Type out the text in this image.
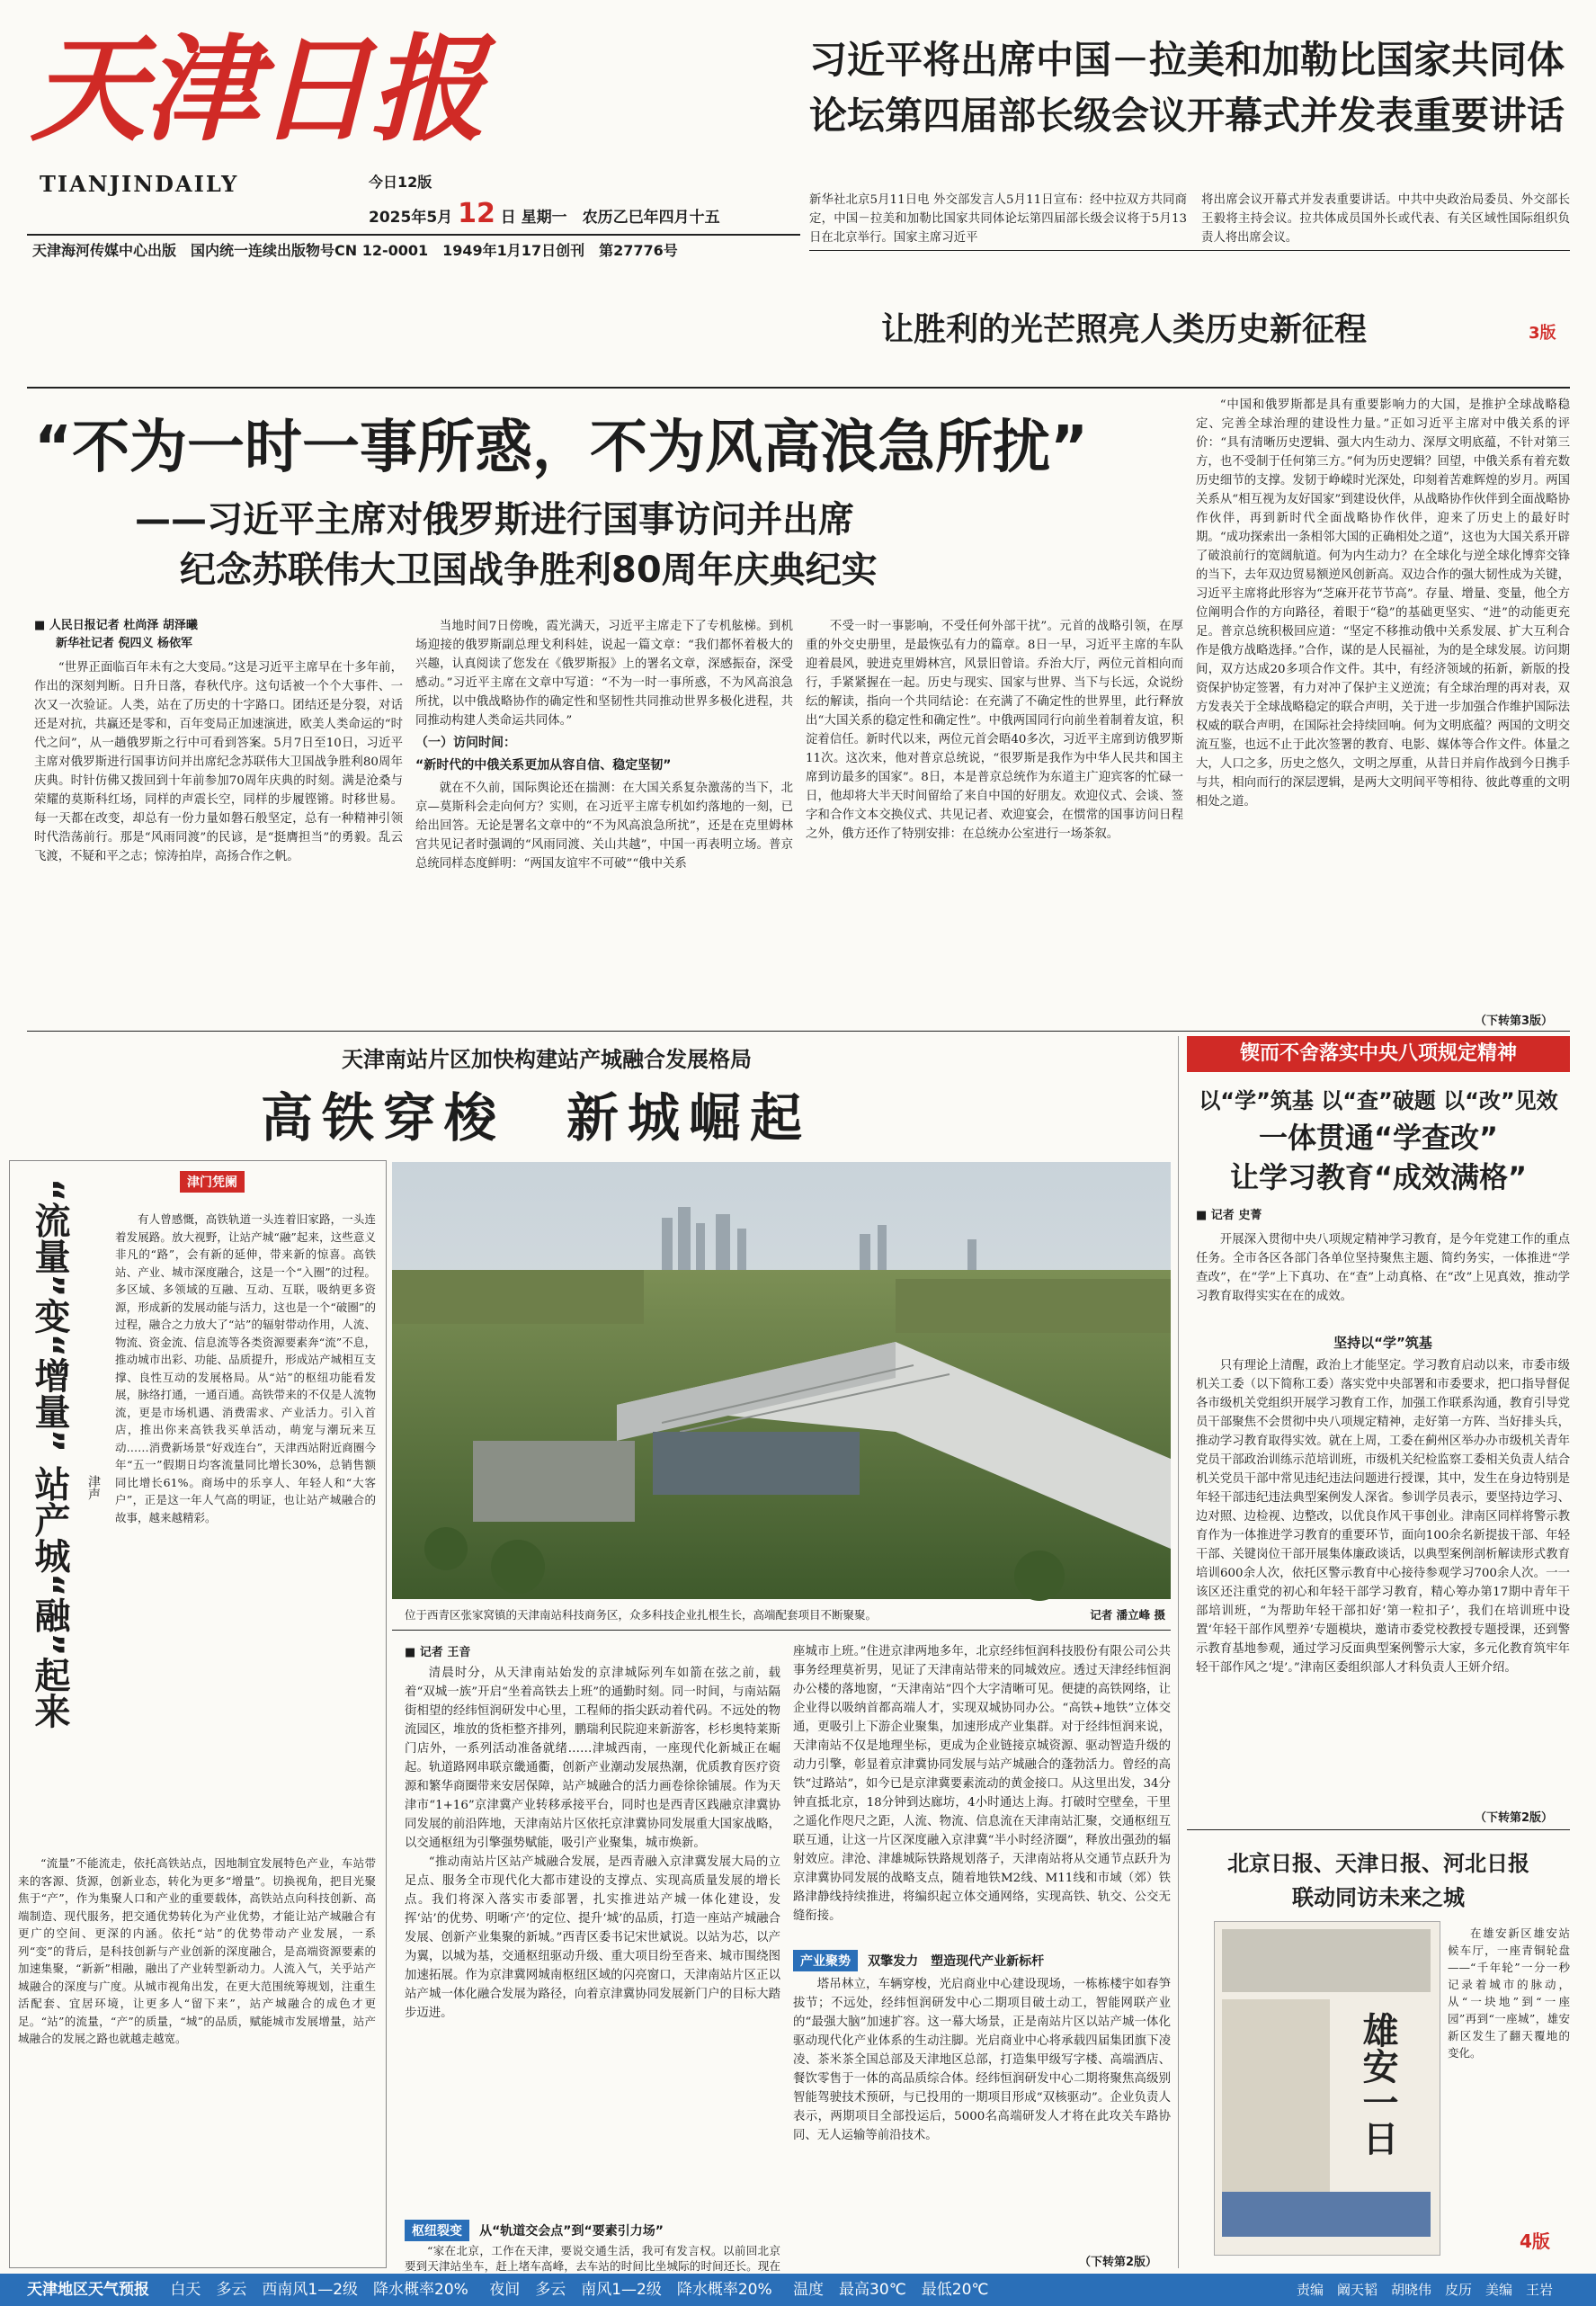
天津日报
TIANJINDAILY	今日12版
2025年5月 12 日 星期一　农历乙巳年四月十五
天津海河传媒中心出版　国内统一连续出版物号CN 12-0001　1949年1月17日创刊　第27776号
习近平将出席中国－拉美和加勒比国家共同体
论坛第四届部长级会议开幕式并发表重要讲话

新华社北京5月11日电 外交部发言人5月11日宣布：经中拉双方共同商定，中国－拉美和加勒比国家共同体论坛第四届部长级会议将于5月13日在北京举行。国家主席习近平

将出席会议开幕式并发表重要讲话。中共中央政治局委员、外交部长王毅将主持会议。拉共体成员国外长或代表、有关区域性国际组织负责人将出席会议。

让胜利的光芒照亮人类历史新征程	3版
“不为一时一事所惑，不为风高浪急所扰”
——习近平主席对俄罗斯进行国事访问并出席
纪念苏联伟大卫国战争胜利80周年庆典纪实
■ 人民日报记者 杜尚泽 胡泽曦
新华社记者 倪四义 杨依军

“世界正面临百年未有之大变局。”这是习近平主席早在十多年前，作出的深刻判断。日升日落，春秋代序。这句话被一个个大事件、一次又一次验证。人类，站在了历史的十字路口。团结还是分裂，对话还是对抗，共赢还是零和，百年变局正加速演进，欧美人类命运的“时代之问”，从一趟俄罗斯之行中可看到答案。5月7日至10日，习近平主席对俄罗斯进行国事访问并出席纪念苏联伟大卫国战争胜利80周年庆典。时针仿佛又拨回到十年前参加70周年庆典的时刻。满是沧桑与荣耀的莫斯科红场，同样的声震长空，同样的步履铿锵。时移世易。每一天都在改变，却总有一份力量如磐石般坚定，总有一种精神引领时代浩荡前行。那是“风雨同渡”的民谚，是“挺膺担当”的勇毅。乱云飞渡，不疑和平之志；惊涛拍岸，高扬合作之帆。

当地时间7日傍晚，霞光满天，习近平主席走下了专机舷梯。到机场迎接的俄罗斯副总理戈利科娃，说起一篇文章：“我们都怀着极大的兴趣，认真阅读了您发在《俄罗斯报》上的署名文章，深感振奋，深受感动。”习近平主席在文章中写道：“不为一时一事所惑，不为风高浪急所扰，以中俄战略协作的确定性和坚韧性共同推动世界多极化进程，共同推动构建人类命运共同体。”

（一）访问时间：
“新时代的中俄关系更加从容自信、稳定坚韧”

就在不久前，国际舆论还在揣测：在大国关系复杂激荡的当下，北京—莫斯科会走向何方？实则，在习近平主席专机如约落地的一刻，已给出回答。无论是署名文章中的“不为风高浪急所扰”，还是在克里姆林宫共见记者时强调的“风雨同渡、关山共越”，中国一再表明立场。普京总统同样态度鲜明：“两国友谊牢不可破”“俄中关系

不受一时一事影响，不受任何外部干扰”。元首的战略引领，在厚重的外交史册里，是最恢弘有力的篇章。8日一早，习近平主席的车队迎着晨风，驶进克里姆林宫，风景旧曾谙。乔治大厅，两位元首相向而行，手紧紧握在一起。历史与现实、国家与世界、当下与长远，众说纷纭的解读，指向一个共同结论：在充满了不确定性的世界里，此行释放出“大国关系的稳定性和确定性”。中俄两国同行向前坐着制着友谊，积淀着信任。新时代以来，两位元首会晤40多次，习近平主席到访俄罗斯11次。这次来，他对普京总统说，“很罗斯是我作为中华人民共和国主席到访最多的国家”。8日，本是普京总统作为东道主广迎宾客的忙碌一日，他却将大半天时间留给了来自中国的好朋友。欢迎仪式、会谈、签字和合作文本交换仪式、共见记者、欢迎宴会，在惯常的国事访问日程之外，俄方还作了特别安排：在总统办公室进行一场茶叙。

“中国和俄罗斯都是具有重要影响力的大国，是推护全球战略稳定、完善全球治理的建设性力量。”正如习近平主席对中俄关系的评价：“具有清晰历史逻辑、强大内生动力、深厚文明底蕴，不针对第三方，也不受制于任何第三方。”何为历史逻辑？回望，中俄关系有着充数历史细节的支撑。发韧于峥嵘时光深处，印刻着苦难辉煌的岁月。两国关系从“相互视为友好国家”到建设伙伴，从战略协作伙伴到全面战略协作伙伴，再到新时代全面战略协作伙伴，迎来了历史上的最好时期。“成功探索出一条相邻大国的正确相处之道”，这也为大国关系开辟了破浪前行的宽阔航道。何为内生动力？在全球化与逆全球化博弈交锋的当下，去年双边贸易额逆风创新高。双边合作的强大韧性成为关键，习近平主席将此形容为“芝麻开花节节高”。存量、增量、变量，他仝方位阐明合作的方向路径，着眼于“稳”的基础更坚实、“进”的动能更充足。普京总统积极回应道：“坚定不移推动俄中关系发展、扩大互利合作是俄方战略选择。”合作，谋的是人民福祉，为的是全球发展。访问期间，双方达成20多项合作文件。其中，有经济领域的拓新，新版的投资保护协定签署，有力对冲了保护主义逆流；有全球治理的再对表，双方发表关于全球战略稳定的联合声明，关于进一步加强合作维护国际法权威的联合声明，在国际社会持续回响。何为文明底蕴？两国的文明交流互鉴，也远不止于此次签署的教育、电影、媒体等合作文件。体量之大，人口之多，历史之悠久，文明之厚重，从昔日并肩作战到今日携手与共，相向而行的深层逻辑，是两大文明间平等相待、彼此尊重的文明相处之道。

（下转第3版）
天津南站片区加快构建站产城融合发展格局
高铁穿梭　新城崛起
津门凭阑
“流量”变“增量” 站产城“融”起来 津声

有人曾感慨，高铁轨道一头连着旧家路，一头连着发展路。放大视野，让站产城“融”起来，这些意义非凡的“路”，会有新的延伸，带来新的惊喜。高铁站、产业、城市深度融合，这是一个“入圈”的过程。多区域、多领域的互融、互动、互联，吸纳更多资源，形成新的发展动能与活力，这也是一个“破圈”的过程，融合之力放大了“站”的辐射带动作用，人流、物流、资金流、信息流等各类资源要素奔“流”不息，推动城市出彩、功能、品质提升，形成站产城相互支撑、良性互动的发展格局。从“站”的枢纽功能看发展，脉络打通，一通百通。高铁带来的不仅是人流物流，更是市场机遇、消费需求、产业活力。引入首店，推出你来高铁我买单活动，萌宠与潮玩来互动……消费新场景“好戏连台”，天津西站附近商圈今年“五一”假期日均客流量同比增长30%，总销售额同比增长61%。商场中的乐享人、年轻人和“大客户”，正是这一年人气高的明证，也让站产城融合的故事，越来越精彩。

“流量”不能流走，依托高铁站点，因地制宜发展特色产业，车站带来的客源、货源，创新业态，转化为更多“增量”。切换视角，把目光聚焦于“产”，作为集聚人口和产业的重要载体，高铁站点向科技创新、高端制造、现代服务，把交通优势转化为产业优势，才能让站产城融合有更广的空间、更深的内涵。依托“站”的优势带动产业发展，一系列“变”的背后，是科技创新与产业创新的深度融合，是高端资源要素的加速集聚，“新新”相融，融出了产业转型新动力。人流入气，关乎站产城融合的深度与广度。从城市视角出发，在更大范围统筹规划，注重生活配套、宜居环境，让更多人“留下来”，站产城融合的成色才更足。“站”的流量，“产”的质量，“城”的品质，赋能城市发展增量，站产城融合的发展之路也就越走越宽。

位于西青区张家窝镇的天津南站科技商务区，众多科技企业扎根生长，高端配套项目不断聚聚。	记者 潘立峰 摄
■ 记者 王音

清晨时分，从天津南站始发的京津城际列车如箭在弦之前，载着“双城一族”开启“坐着高铁去上班”的通勤时刻。同一时间，与南站隔街相望的经纬恒润研发中心里，工程师的指尖跃动着代码。不远处的物流园区，堆放的货柜整齐排列，鹏瑞利民院迎来新游客，杉杉奥特莱斯门店外，一系列活动准备就绪……津城西南，一座现代化新城正在崛起。轨道路网串联京畿通衢，创新产业潮动发展热潮，优质教育医疗资源和繁华商圈带来安居保障，站产城融合的活力画卷徐徐铺展。作为天津市“1+16”京津冀产业转移承接平台，同时也是西青区践融京津冀协同发展的前沿阵地，天津南站片区依托京津冀协同发展重大国家战略，以交通枢纽为引擎强势赋能，吸引产业聚集，城市焕新。

“推动南站片区站产城融合发展，是西青融入京津冀发展大局的立足点、服务全市现代化大都市建设的支撑点、实现高质量发展的增长点。我们将深入落实市委部署，扎实推进站产城一体化建设，发挥‘站’的优势、明晰‘产’的定位、提升‘城’的品质，打造一座站产城融合发展、创新产业集聚的新城。”西青区委书记宋世斌说。以站为芯，以产为翼，以城为基，交通枢纽驱动升级、重大项目纷至沓来、城市围绕图加速拓展。作为京津冀网城南枢纽区域的闪亮窗口，天津南站片区正以站产城一体化融合发展为路径，向着京津冀协同发展新门户的目标大踏步迈进。

枢纽裂变 从“轨道交会点”到“要素引力场”

“家在北京，工作在天津，要说交通生活，我可有发言权。以前回北京要到天津站坐车，赶上堵车高峰，去车站的时间比坐城际的时间还长。现在

座城市上班。”住进京津两地多年，北京经纬恒润科技股份有限公司公共事务经理莫祈男，见证了天津南站带来的同城效应。透过天津经纬恒润办公楼的落地窗，“天津南站”四个大字清晰可见。便捷的高铁网络，让企业得以吸纳首都高端人才，实现双城协同办公。“高铁+地铁”立体交通，更吸引上下游企业聚集，加速形成产业集群。对于经纬恒润来说，天津南站不仅是地理坐标，更成为企业链接京城资源、驱动智造升级的动力引擎，彰显着京津冀协同发展与站产城融合的蓬勃活力。曾经的高铁“过路站”，如今已是京津冀要素流动的黄金接口。从这里出发，34分钟直抵北京，18分钟到达廊坊，4小时通达上海。打破时空壁垒，干里之遥化作咫尺之距，人流、物流、信息流在天津南站汇聚，交通枢纽互联互通，让这一片区深度融入京津冀“半小时经济圈”，释放出强劲的辐射效应。津沧、津雄城际铁路规划落子，天津南站将从交通节点跃升为京津冀协同发展的战略支点，随着地铁M2线、M11线和市域（郊）铁路津静线持续推进，将编织起立体交通网络，实现高铁、轨交、公交无缝衔接。

产业聚势 双擎发力　塑造现代产业新标杆

塔吊林立，车辆穿梭，光启商业中心建设现场，一栋栋楼宇如春笋拔节；不远处，经纬恒润研发中心二期项目破土动工，智能网联产业的“最强大脑”加速扩容。这一幕大场景，正是南站片区以站产城一体化驱动现代化产业体系的生动注脚。光启商业中心将承载四届集团旗下凌凌、茶米茶全国总部及天津地区总部，打造集甲级写字楼、高端酒店、餐饮零售于一体的高品质综合体。经纬恒润研发中心二期将聚焦高级别智能驾驶技术预研，与已投用的一期项目形成“双核驱动”。企业负责人表示，两期项目全部投运后，5000名高端研发人才将在此攻关车路协同、无人运输等前沿技术。

（下转第2版）
锲而不舍落实中央八项规定精神
以“学”筑基 以“查”破题 以“改”见效
一体贯通“学查改”
让学习教育“成效满格”
■ 记者 史菁

开展深入贯彻中央八项规定精神学习教育，是今年党建工作的重点任务。全市各区各部门各单位坚持聚焦主题、简约务实，一体推进“学查改”，在“学”上下真功、在“查”上动真格、在“改”上见真效，推动学习教育取得实实在在的成效。

坚持以“学”筑基

只有理论上清醒，政治上才能坚定。学习教育启动以来，市委市级机关工委（以下简称工委）落实党中央部署和市委要求，把口指导督促各市级机关党组织开展学习教育工作，加强工作联系沟通，教育引导党员干部聚焦不会贯彻中央八项规定精神，走好第一方阵、当好排头兵，推动学习教育取得实效。就在上周，工委在蓟州区举办办市级机关青年党员干部政治训练示范培训班，市级机关纪检监察工委相关负责人结合机关党员干部中常见违纪违法问题进行授课，其中，发生在身边特别是年轻干部违纪违法典型案例发人深省。参训学员表示，要坚持边学习、边对照、边检视、边整改，以优良作风干事创业。津南区同样将警示教育作为一体推进学习教育的重要环节，面向100余名新提拔干部、年轻干部、关键岗位干部开展集体廉政谈话，以典型案例剖析解读形式教育培训600余人次，依托区警示教育中心接待参观学习700余人次。一一该区还注重党的初心和年轻干部学习教育，精心筹办第17期中青年干部培训班，“为帮助年轻干部扣好‘第一粒扣子’，我们在培训班中设置‘年轻干部作风塑养’专题模块，邀请市委党校教授专题授课，还到警示教育基地参观，通过学习反面典型案例警示大家，多元化教育筑牢年轻干部作风之‘堤’。”津南区委组织部人才科负责人王妍介绍。

（下转第2版）
北京日报、天津日报、河北日报
联动同访未来之城
雄安一日

在雄安新区雄安站候车厅，一座青铜轮盘——“千年轮”一分一秒记录着城市的脉动，从“一块地”到“一座园”再到“一座城”，雄安新区发生了翻天覆地的变化。

4版
天津地区天气预报 白天　多云　西南风1—2级　降水概率20% 夜间　多云　南风1—2级　降水概率20% 温度　最高30℃　最低20℃	责编　阚天韬　胡晓伟　皮历　美编　王岩
